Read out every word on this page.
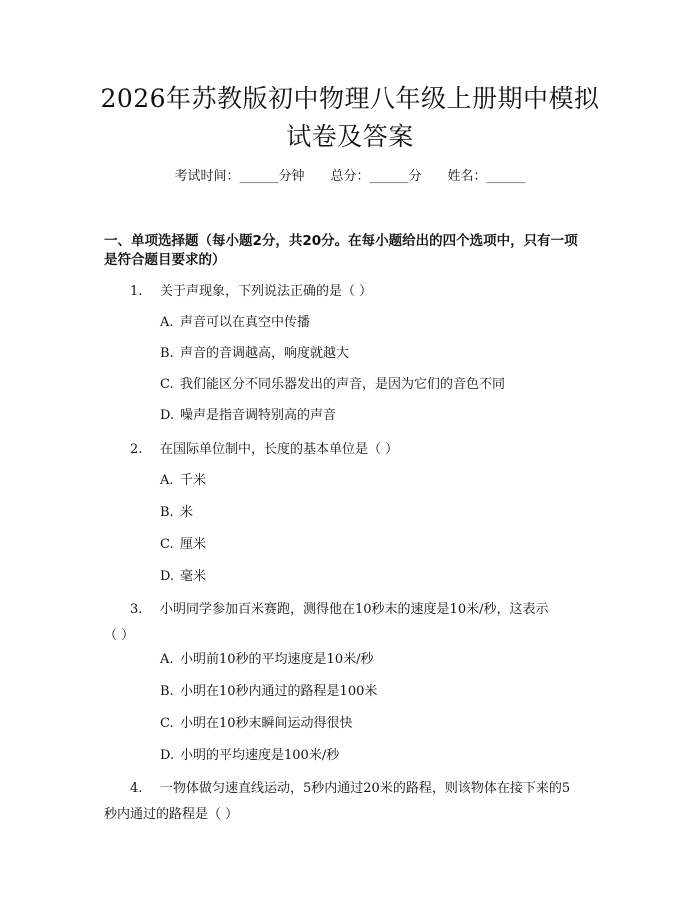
2026年苏教版初中物理八年级上册期中模拟
试卷及答案
考试时间：______分钟 总分：______分 姓名：______
一、单项选择题（每小题2分，共20分。在每小题给出的四个选项中，只有一项
是符合题目要求的）
1. 关于声现象，下列说法正确的是（ ）
A. 声音可以在真空中传播
B. 声音的音调越高，响度就越大
C. 我们能区分不同乐器发出的声音，是因为它们的音色不同
D. 噪声是指音调特别高的声音
2. 在国际单位制中，长度的基本单位是（ ）
A. 千米
B. 米
C. 厘米
D. 毫米
3. 小明同学参加百米赛跑，测得他在10秒末的速度是10米/秒，这表示
（ ）
A. 小明前10秒的平均速度是10米/秒
B. 小明在10秒内通过的路程是100米
C. 小明在10秒末瞬间运动得很快
D. 小明的平均速度是100米/秒
4. 一物体做匀速直线运动，5秒内通过20米的路程，则该物体在接下来的5
秒内通过的路程是（ ）
